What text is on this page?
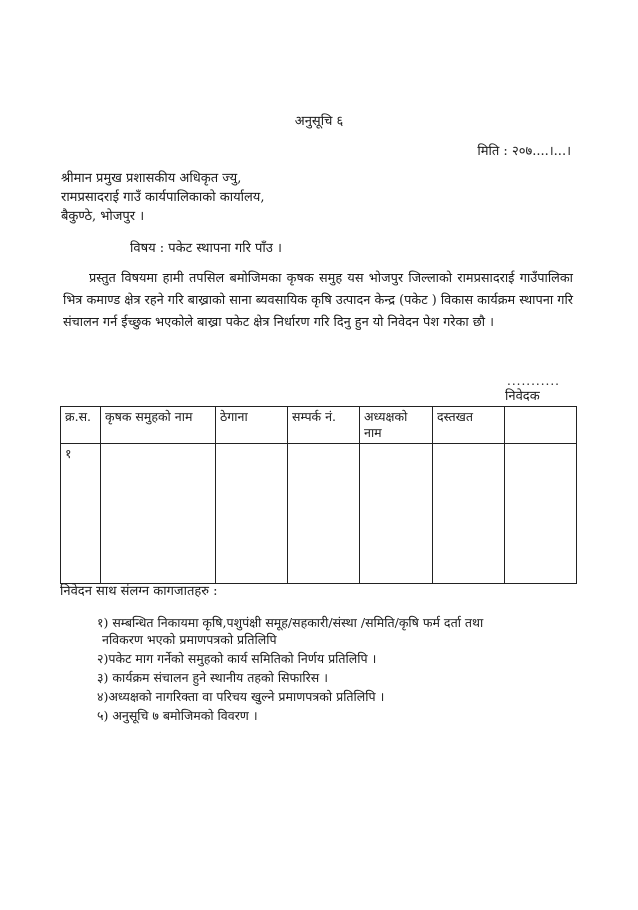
अनुसूचि ६
मिति : २०७....।...।
श्रीमान प्रमुख प्रशासकीय अधिकृत ज्यु,
रामप्रसादराई गाउँ कार्यपालिकाको कार्यालय,
बैकुण्ठे, भोजपुर ।
विषय : पकेट स्थापना गरि पाँउ ।

प्रस्तुत विषयमा हामी तपसिल बमोजिमका कृषक समुह यस भोजपुर जिल्लाको रामप्रसादराई गाउँपालिका भित्र कमाण्ड क्षेत्र रहने गरि बाख्राको साना ब्यवसायिक कृषि उत्पादन केन्द्र (पकेट ) विकास कार्यक्रम स्थापना गरि संचालन गर्न ईच्छुक भएकोले बाख्रा पकेट क्षेत्र निर्धारण गरि दिनु हुन यो निवेदन पेश गरेका छौ ।

...........
निवेदक
क्र.स.	कृषक समुहको नाम	ठेगाना	सम्पर्क नं.	अध्यक्षको नाम	दस्तखत	
१						
निवेदन साथ संलग्न कागजातहरु :
१) सम्बन्धित निकायमा कृषि,पशुपंक्षी समूह/सहकारी/संस्था /समिति/कृषि फर्म दर्ता तथा
नविकरण भएको प्रमाणपत्रको प्रतिलिपि
२)पकेट माग गर्नेको समुहको कार्य समितिको निर्णय प्रतिलिपि ।
३) कार्यक्रम संचालन हुने स्थानीय तहको सिफारिस ।
४)अध्यक्षको नागरिक्ता वा परिचय खुल्ने प्रमाणपत्रको प्रतिलिपि ।
५) अनुसूचि ७ बमोजिमको विवरण ।
